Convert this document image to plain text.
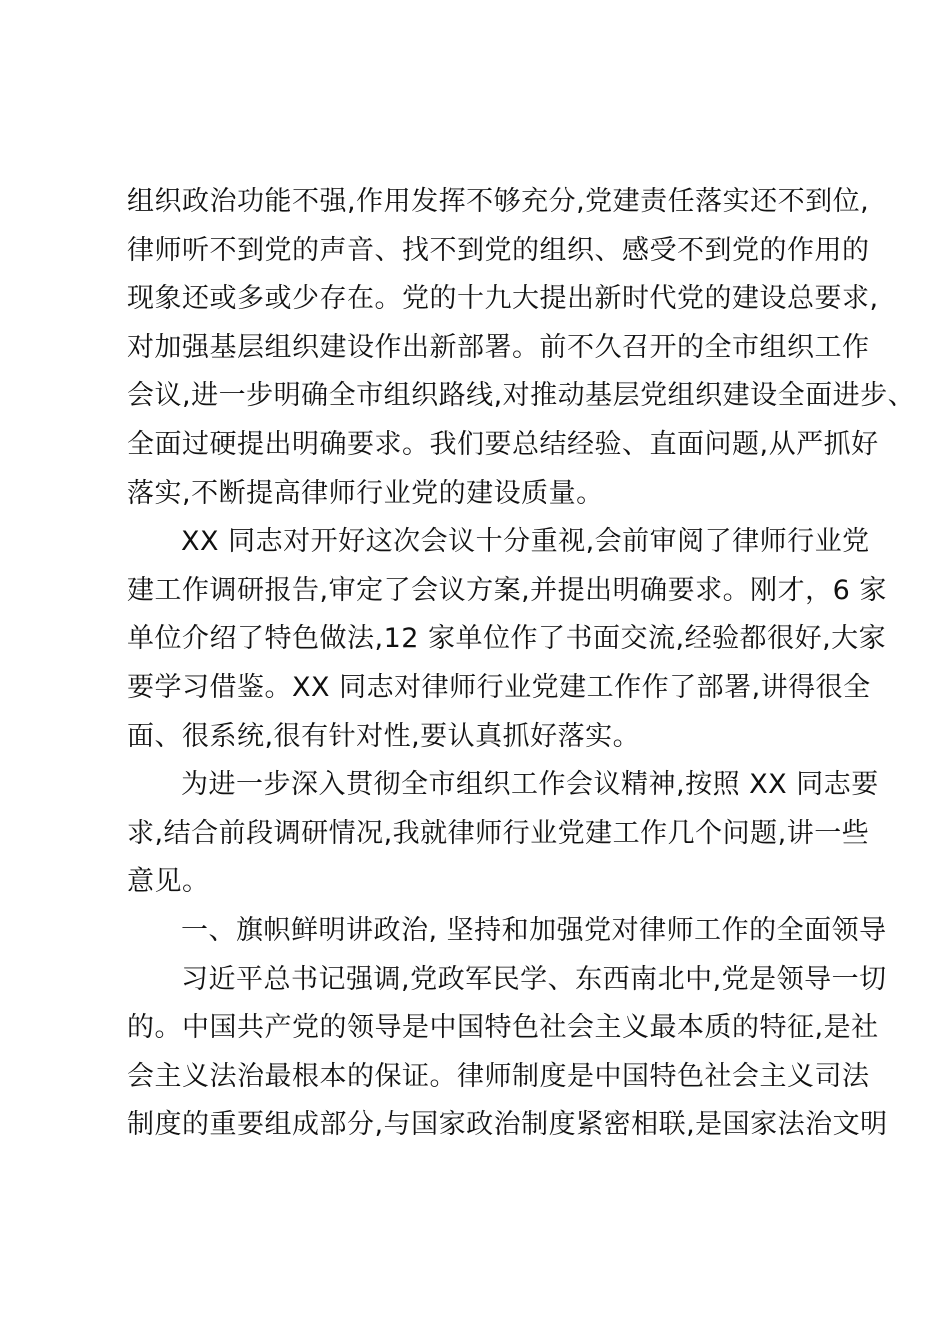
组织政治功能不强,作用发挥不够充分,党建责任落实还不到位,
律师听不到党的声音、找不到党的组织、感受不到党的作用的
现象还或多或少存在。党的十九大提出新时代党的建设总要求,
对加强基层组织建设作出新部署。前不久召开的全市组织工作
会议,进一步明确全市组织路线,对推动基层党组织建设全面进步、
全面过硬提出明确要求。我们要总结经验、直面问题,从严抓好
落实,不断提高律师行业党的建设质量。
XX 同志对开好这次会议十分重视,会前审阅了律师行业党
建工作调研报告,审定了会议方案,并提出明确要求。刚才，6 家
单位介绍了特色做法,12 家单位作了书面交流,经验都很好,大家
要学习借鉴。XX 同志对律师行业党建工作作了部署,讲得很全
面、很系统,很有针对性,要认真抓好落实。
为进一步深入贯彻全市组织工作会议精神,按照 XX 同志要
求,结合前段调研情况,我就律师行业党建工作几个问题,讲一些
意见。
一、旗帜鲜明讲政治, 坚持和加强党对律师工作的全面领导
习近平总书记强调,党政军民学、东西南北中,党是领导一切
的。中国共产党的领导是中国特色社会主义最本质的特征,是社
会主义法治最根本的保证。律师制度是中国特色社会主义司法
制度的重要组成部分,与国家政治制度紧密相联,是国家法治文明
